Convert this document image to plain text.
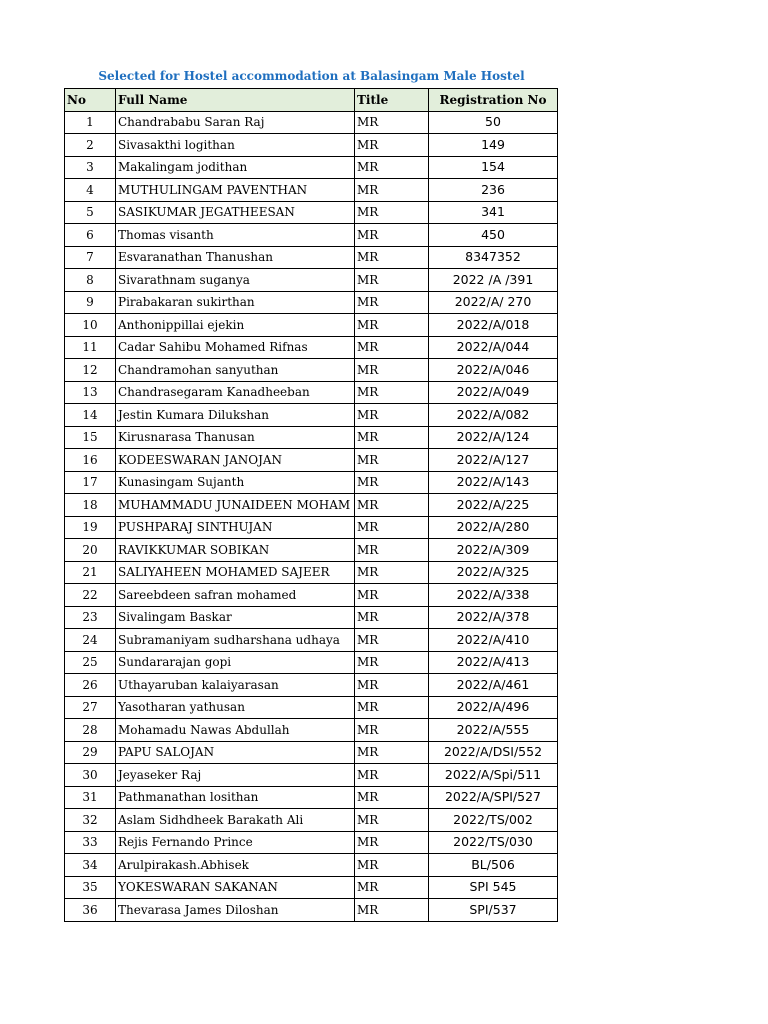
Selected for Hostel accommodation at Balasingam Male Hostel
No	Full Name	Title	Registration No
1	Chandrababu Saran Raj	MR	50
2	Sivasakthi logithan	MR	149
3	Makalingam jodithan	MR	154
4	MUTHULINGAM PAVENTHAN	MR	236
5	SASIKUMAR JEGATHEESAN	MR	341
6	Thomas visanth	MR	450
7	Esvaranathan Thanushan	MR	8347352
8	Sivarathnam suganya	MR	2022 /A /391
9	Pirabakaran sukirthan	MR	2022/A/ 270
10	Anthonippillai ejekin	MR	2022/A/018
11	Cadar Sahibu Mohamed Rifnas	MR	2022/A/044
12	Chandramohan sanyuthan	MR	2022/A/046
13	Chandrasegaram Kanadheeban	MR	2022/A/049
14	Jestin Kumara Dilukshan	MR	2022/A/082
15	Kirusnarasa Thanusan	MR	2022/A/124
16	KODEESWARAN JANOJAN	MR	2022/A/127
17	Kunasingam Sujanth	MR	2022/A/143
18	MUHAMMADU JUNAIDEEN MOHAM	MR	2022/A/225
19	PUSHPARAJ SINTHUJAN	MR	2022/A/280
20	RAVIKKUMAR SOBIKAN	MR	2022/A/309
21	SALIYAHEEN MOHAMED SAJEER	MR	2022/A/325
22	Sareebdeen safran mohamed	MR	2022/A/338
23	Sivalingam Baskar	MR	2022/A/378
24	Subramaniyam sudharshana udhaya	MR	2022/A/410
25	Sundararajan gopi	MR	2022/A/413
26	Uthayaruban kalaiyarasan	MR	2022/A/461
27	Yasotharan yathusan	MR	2022/A/496
28	Mohamadu Nawas Abdullah	MR	2022/A/555
29	PAPU SALOJAN	MR	2022/A/DSI/552
30	Jeyaseker Raj	MR	2022/A/Spi/511
31	Pathmanathan losithan	MR	2022/A/SPI/527
32	Aslam Sidhdheek Barakath Ali	MR	2022/TS/002
33	Rejis Fernando Prince	MR	2022/TS/030
34	Arulpirakash.Abhisek	MR	BL/506
35	YOKESWARAN SAKANAN	MR	SPI 545
36	Thevarasa James Diloshan	MR	SPI/537
